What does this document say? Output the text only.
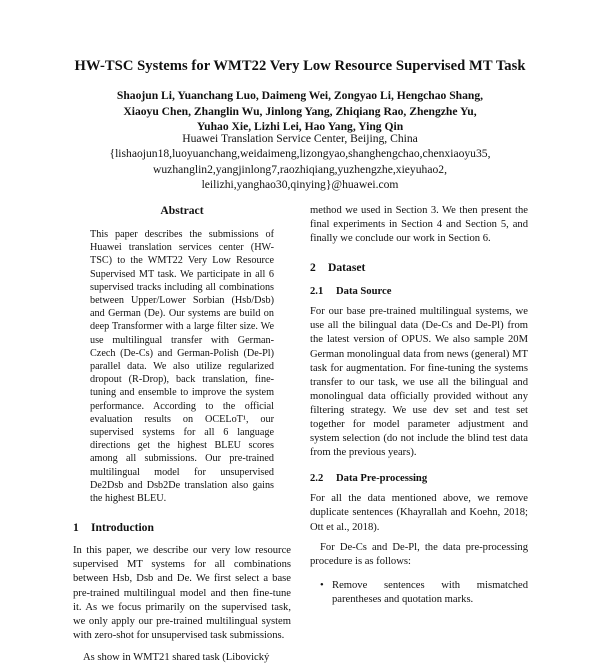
HW-TSC Systems for WMT22 Very Low Resource Supervised MT Task
Shaojun Li, Yuanchang Luo, Daimeng Wei, Zongyao Li, Hengchao Shang,
Xiaoyu Chen, Zhanglin Wu, Jinlong Yang, Zhiqiang Rao, Zhengzhe Yu,
Yuhao Xie, Lizhi Lei, Hao Yang, Ying Qin
Huawei Translation Service Center, Beijing, China
{lishaojun18,luoyuanchang,weidaimeng,lizongyao,shanghengchao,chenxiaoyu35,
wuzhanglin2,yangjinlong7,raozhiqiang,yuzhengzhe,xieyuhao2,
leilizhi,yanghao30,qinying}@huawei.com
Abstract
This paper describes the submissions of Huawei translation services center (HW-TSC) to the WMT22 Very Low Resource Supervised MT task. We participate in all 6 supervised tracks including all combinations between Upper/Lower Sorbian (Hsb/Dsb) and German (De). Our systems are build on deep Transformer with a large filter size. We use multilingual transfer with German-Czech (De-Cs) and German-Polish (De-Pl) parallel data. We also utilize regularized dropout (R-Drop), back translation, fine-tuning and ensemble to improve the system performance. According to the official evaluation results on OCELoT¹, our supervised systems for all 6 language directions get the highest BLEU scores among all submissions. Our pre-trained multilingual model for unsupervised De2Dsb and Dsb2De translation also gains the highest BLEU.
1 Introduction

In this paper, we describe our very low resource supervised MT systems for all combinations between Hsb, Dsb and De. We first select a base pre-trained multilingual model and then fine-tune it. As we focus primarily on the supervised task, we only apply our pre-trained multilingual system with zero-shot for unsupervised task submissions.

As show in WMT21 shared task (Libovický

method we used in Section 3. We then present the final experiments in Section 4 and Section 5, and finally we conclude our work in Section 6.

2 Dataset
2.1 Data Source

For our base pre-trained multilingual systems, we use all the bilingual data (De-Cs and De-Pl) from the latest version of OPUS. We also sample 20M German monolingual data from news (general) MT task for augmentation. For fine-tuning the systems transfer to our task, we use all the bilingual and monolingual data officially provided without any filtering strategy. We use dev set and test set together for model parameter adjustment and system selection (do not include the blind test data from the previous years).

2.2 Data Pre-processing

For all the data mentioned above, we remove duplicate sentences (Khayrallah and Koehn, 2018; Ott et al., 2018).

For De-Cs and De-Pl, the data pre-processing procedure is as follows:

• Remove sentences with mismatched parentheses and quotation marks.
